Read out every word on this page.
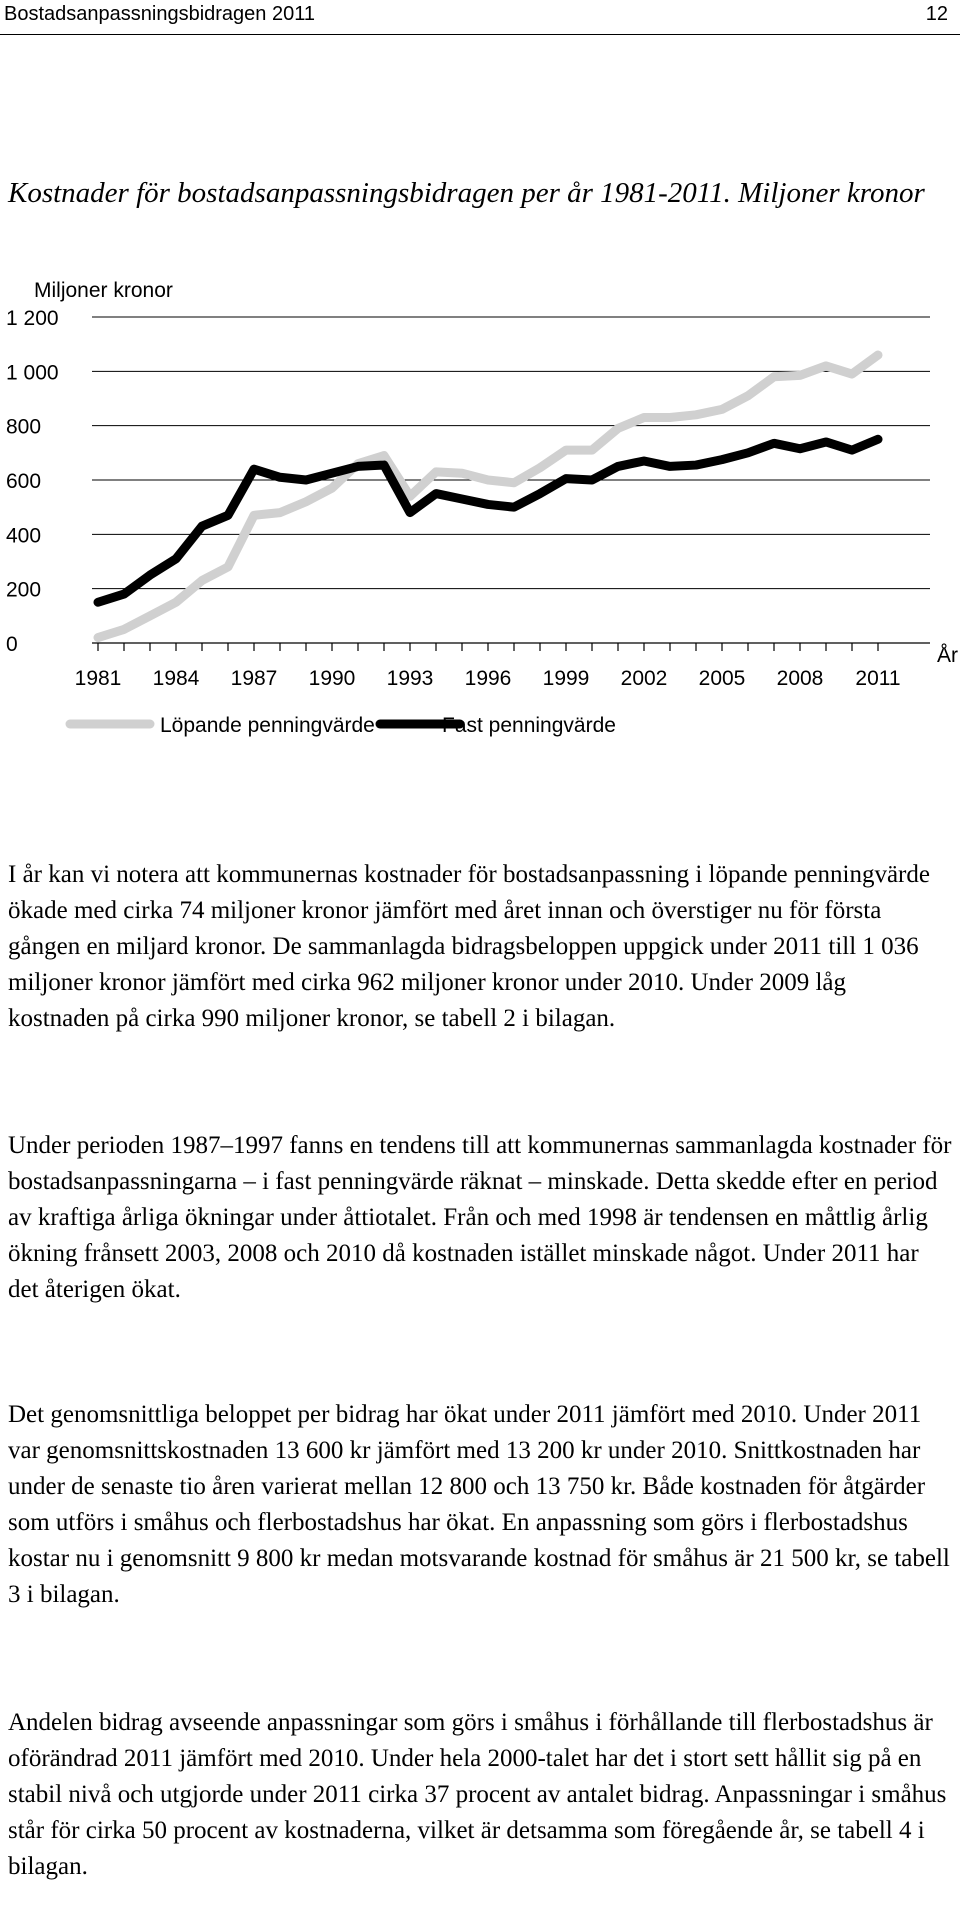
Bostadsanpassningsbidragen 2011	12
Kostnader för bostadsanpassningsbidragen per år 1981-2011. Miljoner kronor
0
200
400
600
800
1 000
1 200
Miljoner kronor
1981 1984 1987 1990 1993 1996 1999 2002 2005 2008 2011
År
Löpande penningvärde	Fast penningvärde

I år kan vi notera att kommunernas kostnader för bostadsanpassning i löpande penningvärde ökade med cirka 74 miljoner kronor jämfört med året innan och överstiger nu för första gången en miljard kronor. De sammanlagda bidragsbeloppen uppgick under 2011 till 1 036 miljoner kronor jämfört med cirka 962 miljoner kronor under 2010. Under 2009 låg kostnaden på cirka 990 miljoner kronor, se tabell 2 i bilagan.

Under perioden 1987–1997 fanns en tendens till att kommunernas sammanlagda kostnader för bostadsanpassningarna – i fast penningvärde räknat – minskade. Detta skedde efter en period av kraftiga årliga ökningar under åttiotalet. Från och med 1998 är tendensen en måttlig årlig ökning frånsett 2003, 2008 och 2010 då kostnaden istället minskade något. Under 2011 har det återigen ökat.

Det genomsnittliga beloppet per bidrag har ökat under 2011 jämfört med 2010. Under 2011 var genomsnittskostnaden 13 600 kr jämfört med 13 200 kr under 2010. Snittkostnaden har under de senaste tio åren varierat mellan 12 800 och 13 750 kr. Både kostnaden för åtgärder som utförs i småhus och flerbostadshus har ökat. En anpassning som görs i flerbostadshus kostar nu i genomsnitt 9 800 kr medan motsvarande kostnad för småhus är 21 500 kr, se tabell 3 i bilagan.

Andelen bidrag avseende anpassningar som görs i småhus i förhållande till flerbostadshus är oförändrad 2011 jämfört med 2010. Under hela 2000-talet har det i stort sett hållit sig på en stabil nivå och utgjorde under 2011 cirka 37 procent av antalet bidrag. Anpassningar i småhus står för cirka 50 procent av kostnaderna, vilket är detsamma som föregående år, se tabell 4 i bilagan.
